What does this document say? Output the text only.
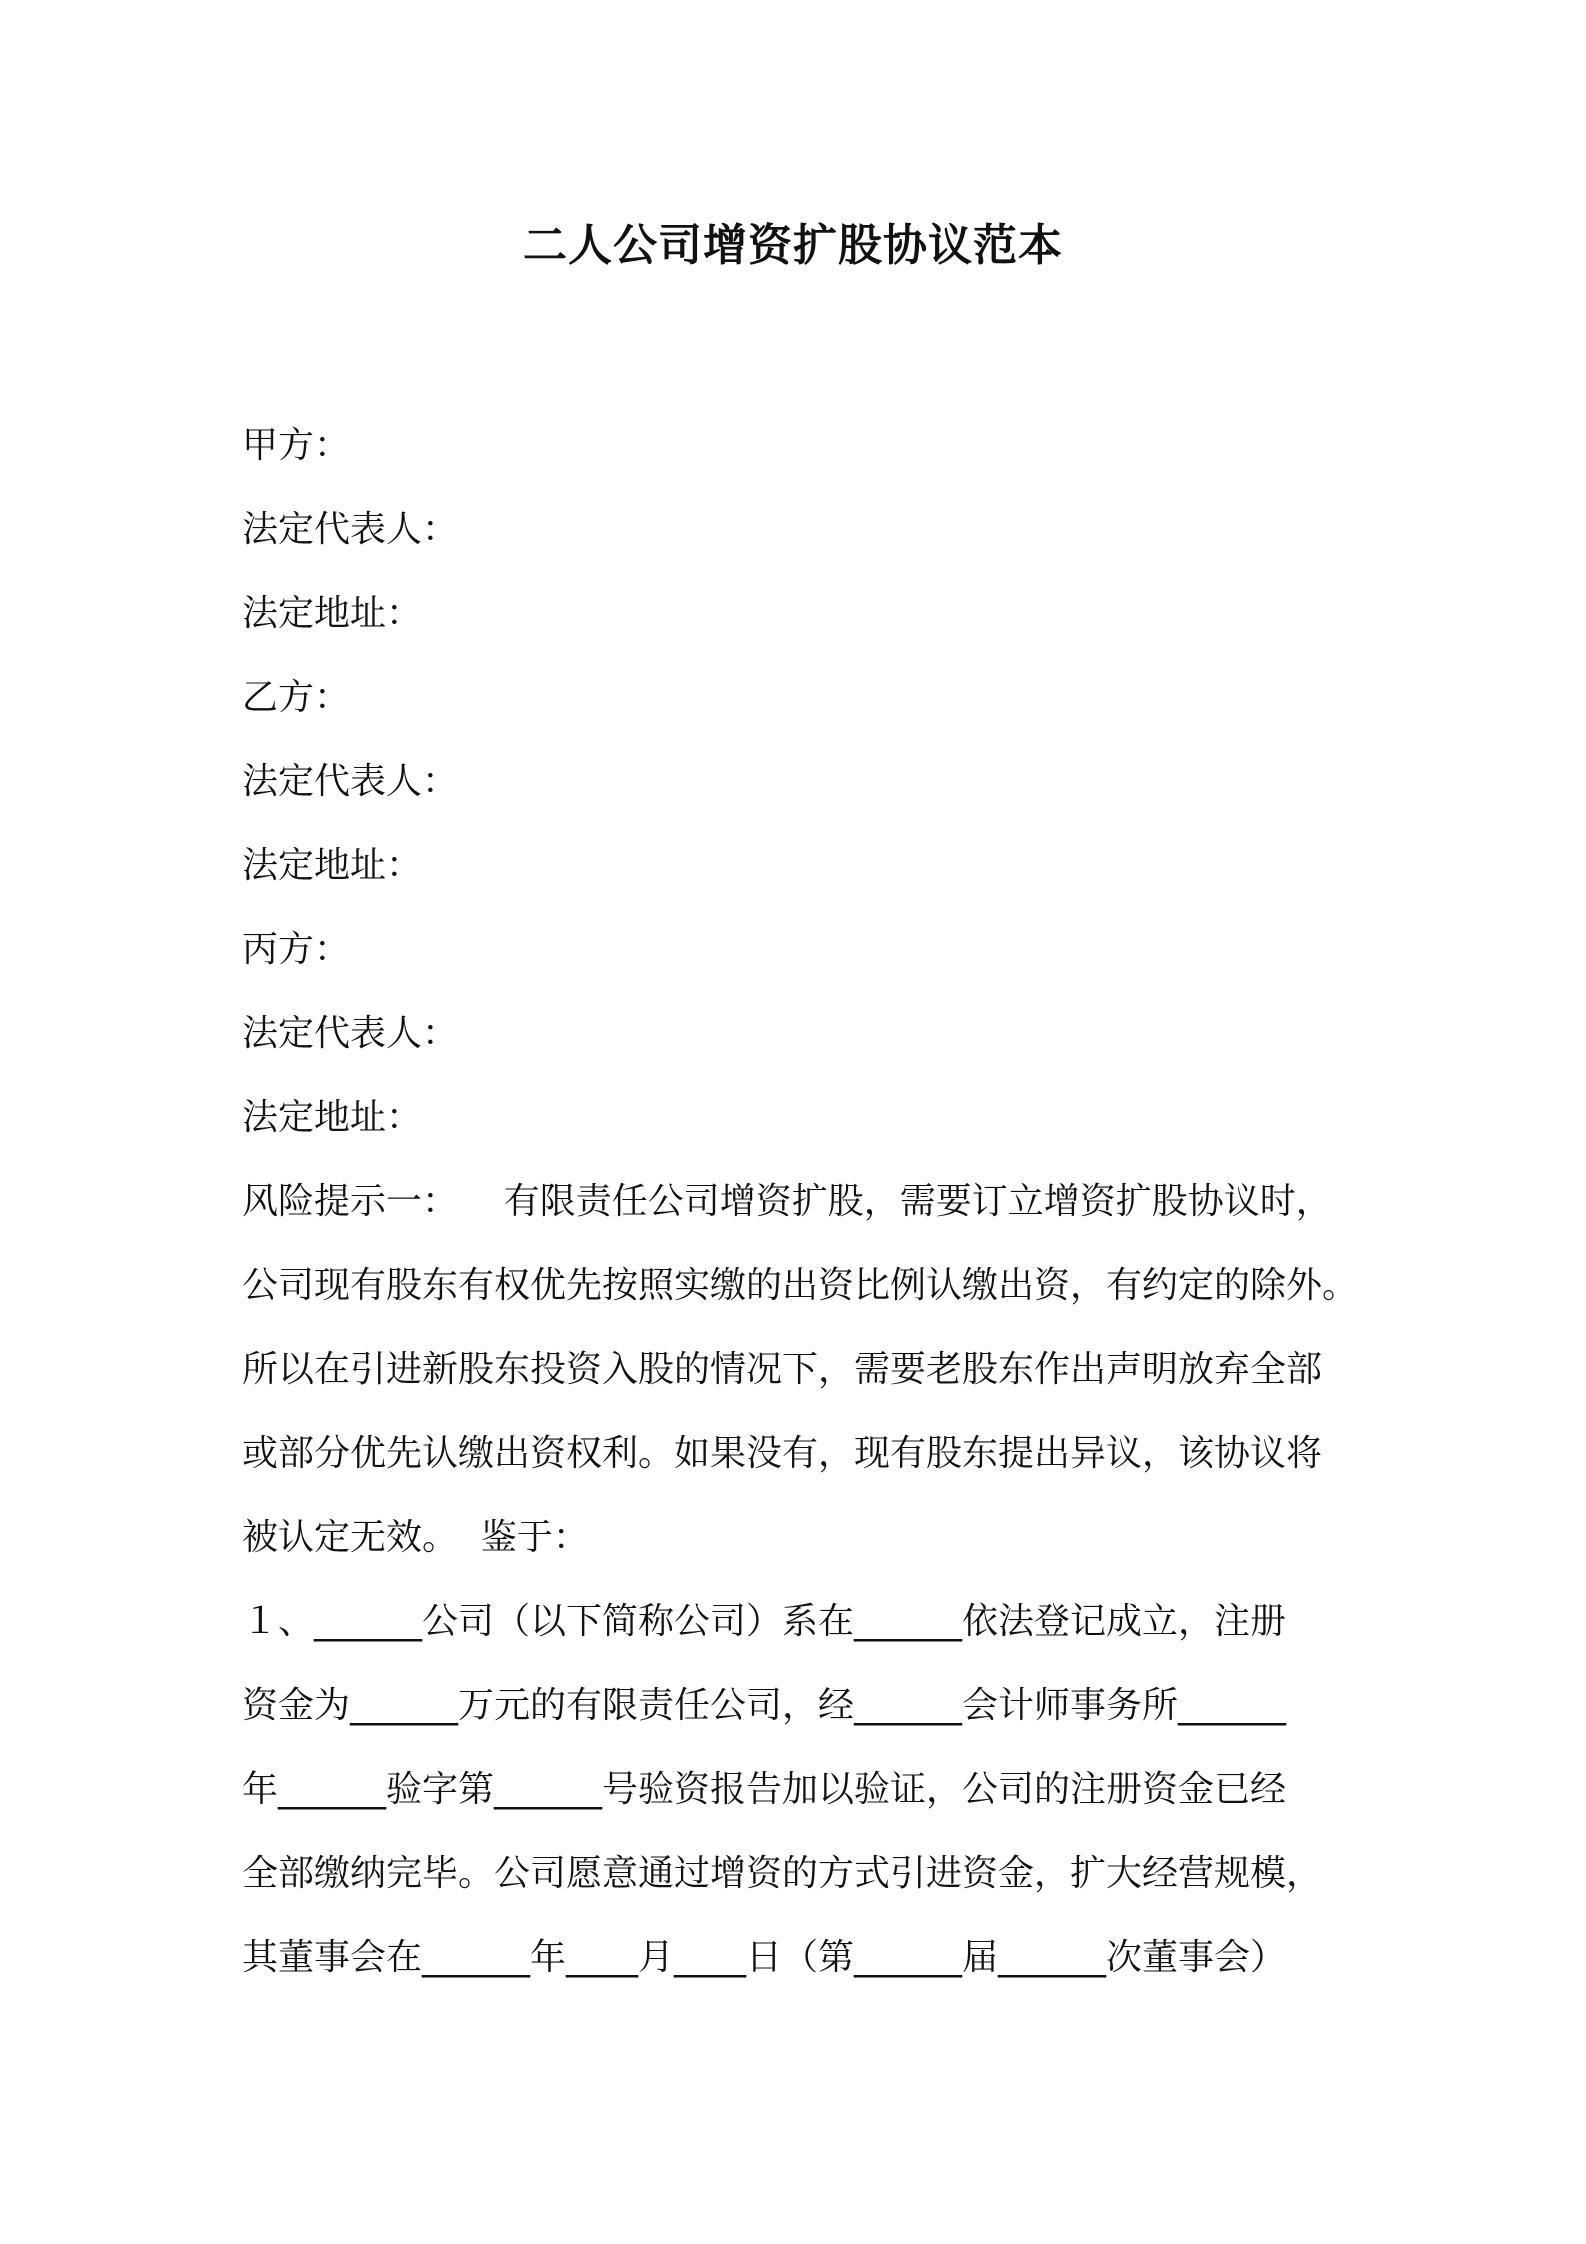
二人公司增资扩股协议范本

甲方：

法定代表人：

法定地址：

乙方：

法定代表人：

法定地址：

丙方：

法定代表人：

法定地址：

风险提示一：    有限责任公司增资扩股，需要订立增资扩股协议时，

公司现有股东有权优先按照实缴的出资比例认缴出资，有约定的除外。

所以在引进新股东投资入股的情况下，需要老股东作出声明放弃全部

或部分优先认缴出资权利。如果没有，现有股东提出异议，该协议将

被认定无效。  鉴于：

１、______公司（以下简称公司）系在______依法登记成立，注册

资金为______万元的有限责任公司，经______会计师事务所______

年______验字第______号验资报告加以验证，公司的注册资金已经

全部缴纳完毕。公司愿意通过增资的方式引进资金，扩大经营规模，

其董事会在______年____月____日（第______届______次董事会）
